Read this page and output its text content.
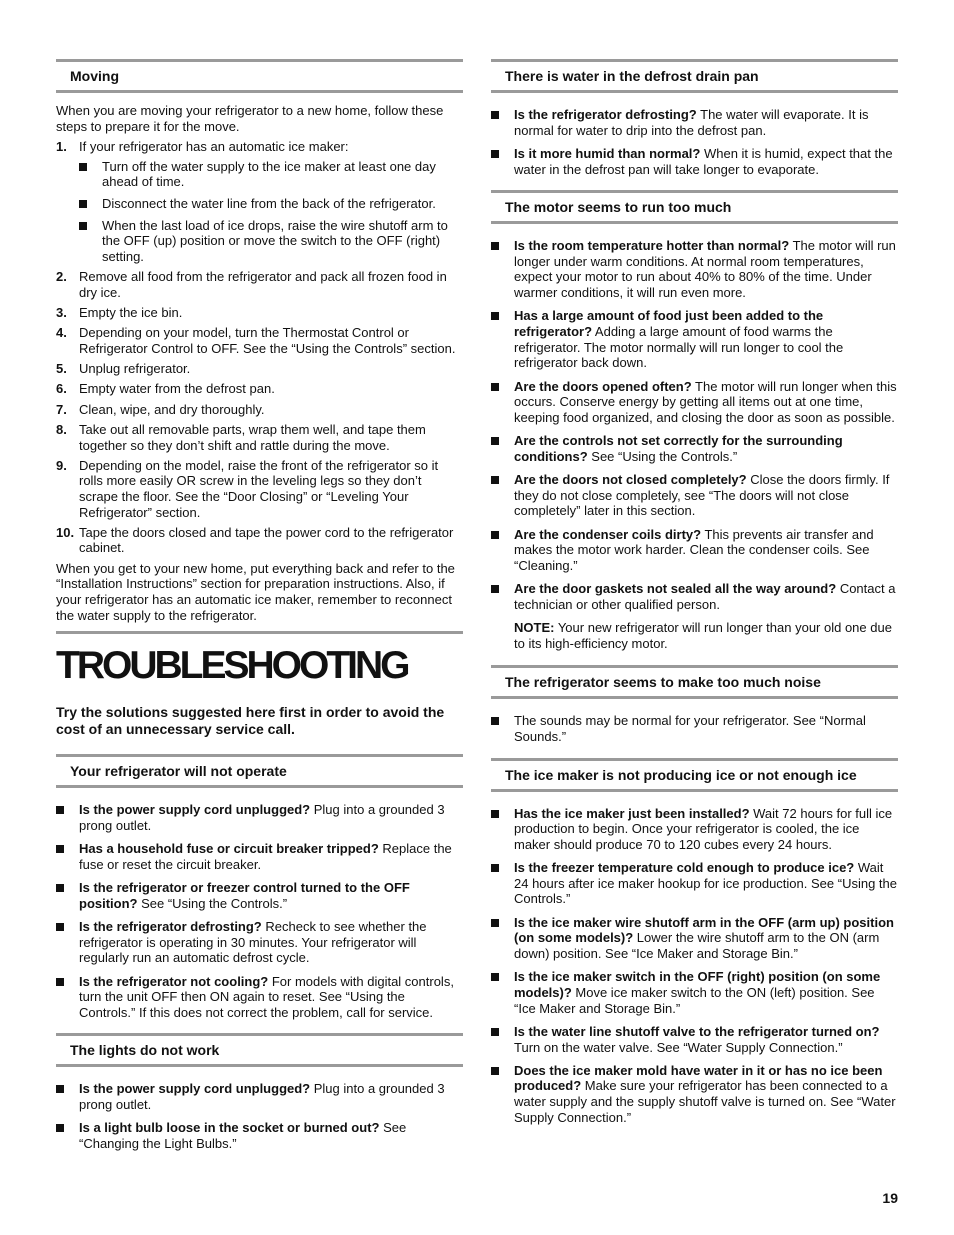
Moving

When you are moving your refrigerator to a new home, follow these steps to prepare it for the move.

1. If your refrigerator has an automatic ice maker:
Turn off the water supply to the ice maker at least one day ahead of time.
Disconnect the water line from the back of the refrigerator.
When the last load of ice drops, raise the wire shutoff arm to the OFF (up) position or move the switch to the OFF (right) setting.
2. Remove all food from the refrigerator and pack all frozen food in dry ice.
3. Empty the ice bin.
4. Depending on your model, turn the Thermostat Control or Refrigerator Control to OFF. See the “Using the Controls” section.
5. Unplug refrigerator.
6. Empty water from the defrost pan.
7. Clean, wipe, and dry thoroughly.
8. Take out all removable parts, wrap them well, and tape them together so they don’t shift and rattle during the move.
9. Depending on the model, raise the front of the refrigerator so it rolls more easily OR screw in the leveling legs so they don’t scrape the floor. See the “Door Closing” or “Leveling Your Refrigerator” section.
10. Tape the doors closed and tape the power cord to the refrigerator cabinet.

When you get to your new home, put everything back and refer to the “Installation Instructions” section for preparation instructions. Also, if your refrigerator has an automatic ice maker, remember to reconnect the water supply to the refrigerator.

TROUBLESHOOTING

Try the solutions suggested here first in order to avoid the cost of an unnecessary service call.

Your refrigerator will not operate
Is the power supply cord unplugged? Plug into a grounded 3 prong outlet.
Has a household fuse or circuit breaker tripped? Replace the fuse or reset the circuit breaker.
Is the refrigerator or freezer control turned to the OFF position? See “Using the Controls.”
Is the refrigerator defrosting? Recheck to see whether the refrigerator is operating in 30 minutes. Your refrigerator will regularly run an automatic defrost cycle.
Is the refrigerator not cooling? For models with digital controls, turn the unit OFF then ON again to reset. See “Using the Controls.” If this does not correct the problem, call for service.
The lights do not work
Is the power supply cord unplugged? Plug into a grounded 3 prong outlet.
Is a light bulb loose in the socket or burned out? See “Changing the Light Bulbs.”
There is water in the defrost drain pan
Is the refrigerator defrosting? The water will evaporate. It is normal for water to drip into the defrost pan.
Is it more humid than normal? When it is humid, expect that the water in the defrost pan will take longer to evaporate.
The motor seems to run too much
Is the room temperature hotter than normal? The motor will run longer under warm conditions. At normal room temperatures, expect your motor to run about 40% to 80% of the time. Under warmer conditions, it will run even more.
Has a large amount of food just been added to the refrigerator? Adding a large amount of food warms the refrigerator. The motor normally will run longer to cool the refrigerator back down.
Are the doors opened often? The motor will run longer when this occurs. Conserve energy by getting all items out at one time, keeping food organized, and closing the door as soon as possible.
Are the controls not set correctly for the surrounding conditions? See “Using the Controls.”
Are the doors not closed completely? Close the doors firmly. If they do not close completely, see “The doors will not close completely” later in this section.
Are the condenser coils dirty? This prevents air transfer and makes the motor work harder. Clean the condenser coils. See “Cleaning.”
Are the door gaskets not sealed all the way around? Contact a technician or other qualified person.

NOTE: Your new refrigerator will run longer than your old one due to its high-efficiency motor.

The refrigerator seems to make too much noise
The sounds may be normal for your refrigerator. See “Normal Sounds.”
The ice maker is not producing ice or not enough ice
Has the ice maker just been installed? Wait 72 hours for full ice production to begin. Once your refrigerator is cooled, the ice maker should produce 70 to 120 cubes every 24 hours.
Is the freezer temperature cold enough to produce ice? Wait 24 hours after ice maker hookup for ice production. See “Using the Controls.”
Is the ice maker wire shutoff arm in the OFF (arm up) position (on some models)? Lower the wire shutoff arm to the ON (arm down) position. See “Ice Maker and Storage Bin.”
Is the ice maker switch in the OFF (right) position (on some models)? Move ice maker switch to the ON (left) position. See “Ice Maker and Storage Bin.”
Is the water line shutoff valve to the refrigerator turned on? Turn on the water valve. See “Water Supply Connection.”
Does the ice maker mold have water in it or has no ice been produced? Make sure your refrigerator has been connected to a water supply and the supply shutoff valve is turned on. See “Water Supply Connection.”
19
